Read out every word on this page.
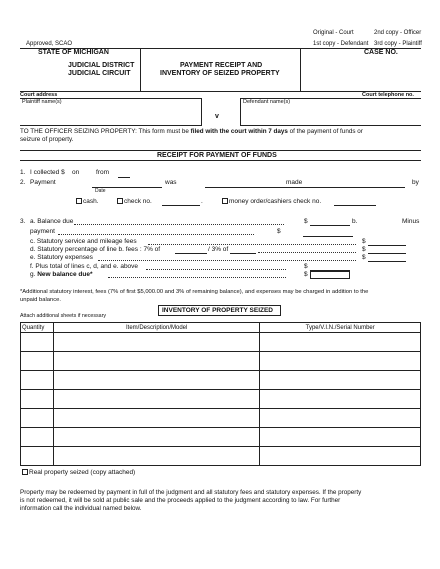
Original - Court	2nd copy - Officer
1st copy - Defendant 3rd copy - Plaintiff
Approved, SCAO
STATE OF MICHIGAN
JUDICIAL DISTRICT
JUDICIAL CIRCUIT
PAYMENT RECEIPT AND
INVENTORY OF SEIZED PROPERTY
CASE NO.
Court address	Court telephone no.
Plaintiff name(s)
v
Defendant name(s)
TO THE OFFICER SEIZING PROPERTY: This form must be filed with the court within 7 days of the payment of funds or
seizure of property.
RECEIPT FOR PAYMENT OF FUNDS
1. I collected $ on	from
2. Payment	was	made	by
Date
cash.	check no.	.	money order/cashiers check no.
3. a. Balance due	$	b.	Minus
payment	$
c. Statutory service and mileage fees	$
d. Statutory percentage of line b. fees : 7% of	/ 3% of	$
e. Statutory expenses	$
f. Plus total of lines c, d, and e. above	$
g. New balance due*	$
*Additional statutory interest, fees (7% of first $5,000.00 and 3% of remaining balance), and expenses may be charged in addition to the
unpaid balance.
Attach additional sheets if necessary
INVENTORY OF PROPERTY SEIZED
Quantity	Item/Description/Model	Type/V.I.N./Serial Number

Real property seized (copy attached)
Property may be redeemed by payment in full of the judgment and all statutory fees and statutory expenses. If the property
is not redeemed, it will be sold at public sale and the proceeds applied to the judgment according to law. For further
information call the individual named below.
